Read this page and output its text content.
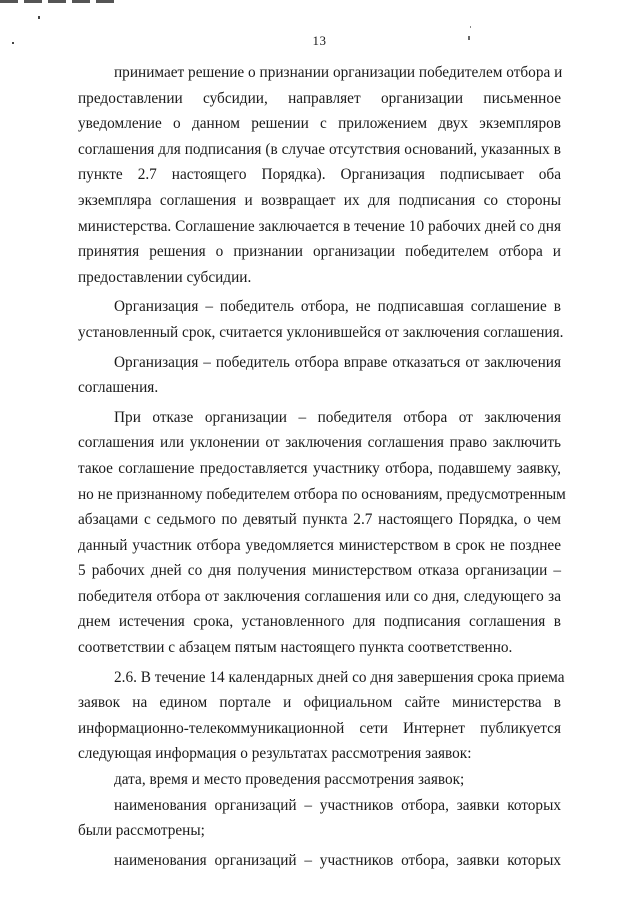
13
принимает решение о признании организации победителем отбора и
предоставлении субсидии, направляет организации письменное
уведомление о данном решении с приложением двух экземпляров
соглашения для подписания (в случае отсутствия оснований, указанных в
пункте 2.7 настоящего Порядка). Организация подписывает оба
экземпляра соглашения и возвращает их для подписания со стороны
министерства. Соглашение заключается в течение 10 рабочих дней со дня
принятия решения о признании организации победителем отбора и
предоставлении субсидии.
Организация – победитель отбора, не подписавшая соглашение в
установленный срок, считается уклонившейся от заключения соглашения.
Организация – победитель отбора вправе отказаться от заключения
соглашения.
При отказе организации – победителя отбора от заключения
соглашения или уклонении от заключения соглашения право заключить
такое соглашение предоставляется участнику отбора, подавшему заявку,
но не признанному победителем отбора по основаниям, предусмотренным
абзацами с седьмого по девятый пункта 2.7 настоящего Порядка, о чем
данный участник отбора уведомляется министерством в срок не позднее
5 рабочих дней со дня получения министерством отказа организации –
победителя отбора от заключения соглашения или со дня, следующего за
днем истечения срока, установленного для подписания соглашения в
соответствии с абзацем пятым настоящего пункта соответственно.
2.6. В течение 14 календарных дней со дня завершения срока приема
заявок на едином портале и официальном сайте министерства в
информационно-телекоммуникационной сети Интернет публикуется
следующая информация о результатах рассмотрения заявок:
дата, время и место проведения рассмотрения заявок;
наименования организаций – участников отбора, заявки которых
были рассмотрены;
наименования организаций – участников отбора, заявки которых
